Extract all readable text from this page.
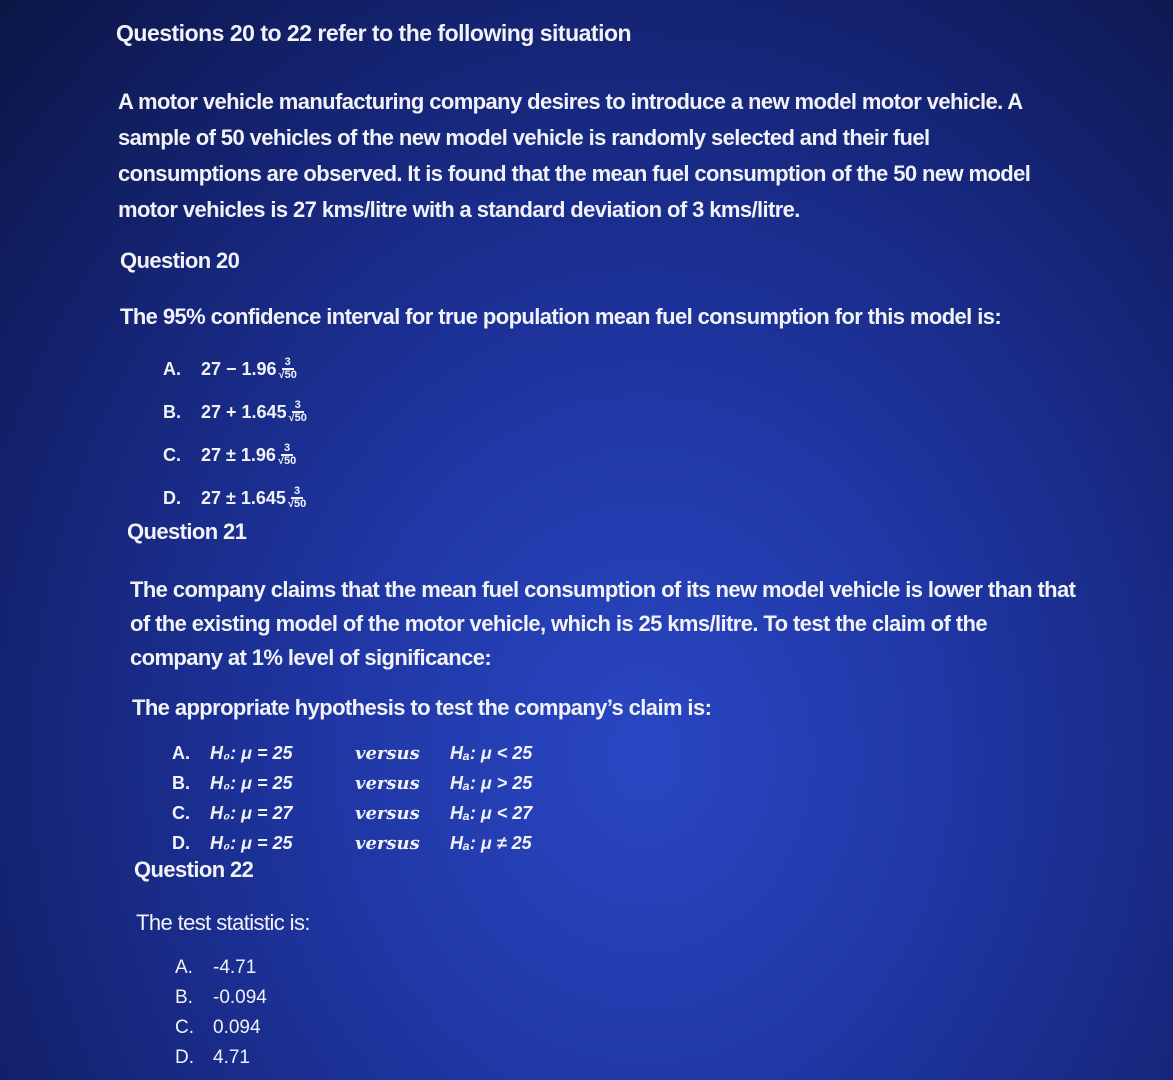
Questions 20 to 22 refer to the following situation
A motor vehicle manufacturing company desires to introduce a new model motor vehicle. A
sample of 50 vehicles of the new model vehicle is randomly selected and their fuel
consumptions are observed. It is found that the mean fuel consumption of the 50 new model
motor vehicles is 27 kms/litre with a standard deviation of 3 kms/litre.
Question 20
The 95% confidence interval for true population mean fuel consumption for this model is:
A.	$27 - 1.96 \frac{3}{√50}$
B.	$27 + 1.645 \frac{3}{√50}$
C.	$27 \pm 1.96 \frac{3}{√50}$
D.	$27 \pm 1.645 \frac{3}{√50}$
Question 21
The company claims that the mean fuel consumption of its new model vehicle is lower than that
of the existing model of the motor vehicle, which is 25 kms/litre. To test the claim of the
company at 1% level of significance:
The appropriate hypothesis to test the company’s claim is:
A.	H₀: μ = 25	versus	Hₐ: μ < 25
B.	H₀: μ = 25	versus	Hₐ: μ > 25
C.	H₀: μ = 27	versus	Hₐ: μ < 27
D.	H₀: μ = 25	versus	Hₐ: μ ≠ 25
Question 22
The test statistic is:
A.	-4.71
B.	-0.094
C.	0.094
D.	4.71
